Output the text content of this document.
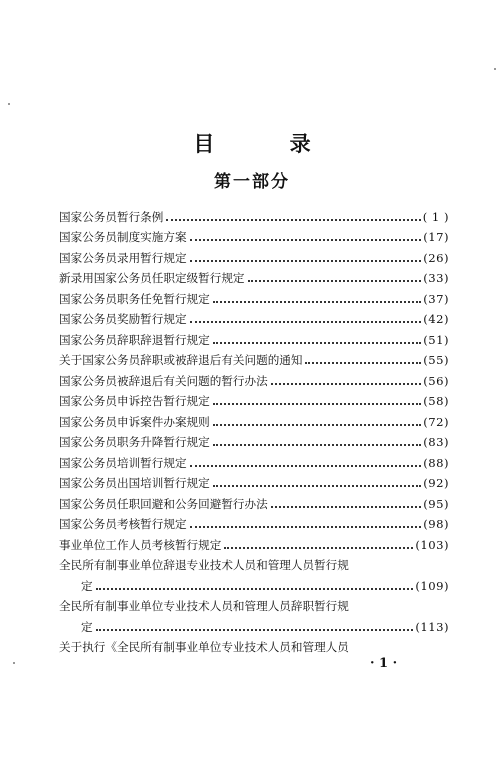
目 录
第一部分
国家公务员暂行条例	( 1 )
国家公务员制度实施方案	(17)
国家公务员录用暂行规定	(26)
新录用国家公务员任职定级暂行规定	(33)
国家公务员职务任免暂行规定	(37)
国家公务员奖励暂行规定	(42)
国家公务员辞职辞退暂行规定	(51)
关于国家公务员辞职或被辞退后有关问题的通知	(55)
国家公务员被辞退后有关问题的暂行办法	(56)
国家公务员申诉控告暂行规定	(58)
国家公务员申诉案件办案规则	(72)
国家公务员职务升降暂行规定	(83)
国家公务员培训暂行规定	(88)
国家公务员出国培训暂行规定	(92)
国家公务员任职回避和公务回避暂行办法	(95)
国家公务员考核暂行规定	(98)
事业单位工作人员考核暂行规定	(103)
全民所有制事业单位辞退专业技术人员和管理人员暂行规
定	(109)
全民所有制事业单位专业技术人员和管理人员辞职暂行规
定	(113)
关于执行《全民所有制事业单位专业技术人员和管理人员
· 1 ·
